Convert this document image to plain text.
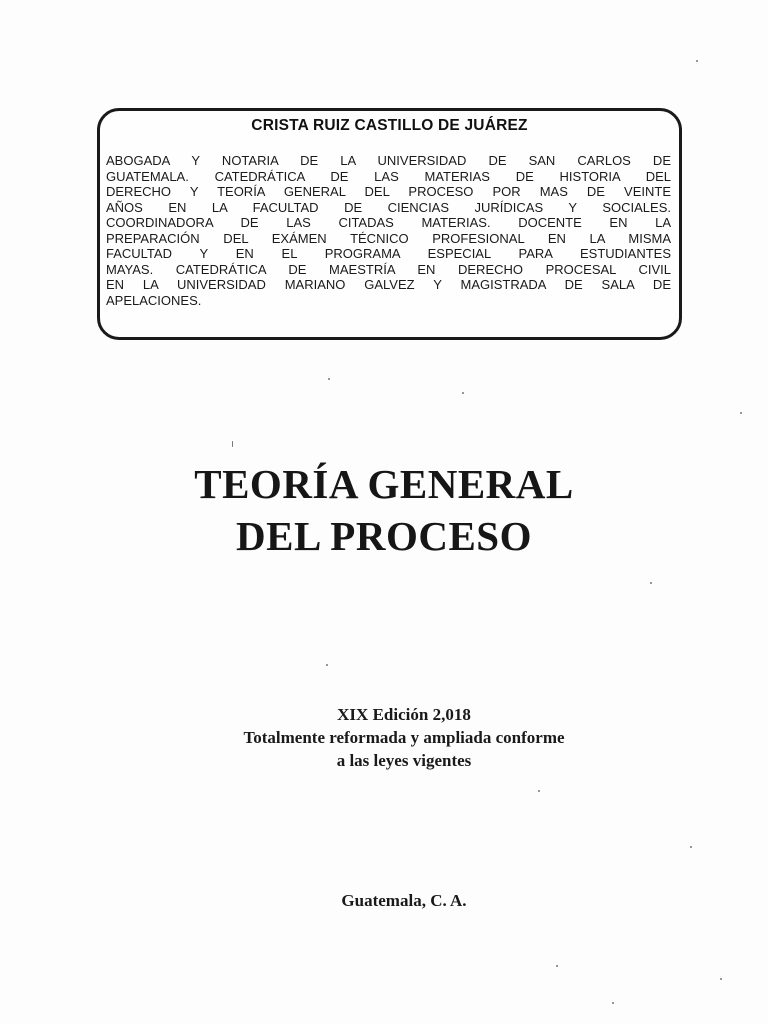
CRISTA RUIZ CASTILLO DE JUÁREZ
ABOGADA Y NOTARIA DE LA UNIVERSIDAD DE SAN CARLOS DE
GUATEMALA. CATEDRÁTICA DE LAS MATERIAS DE HISTORIA DEL
DERECHO Y TEORÍA GENERAL DEL PROCESO POR MAS DE VEINTE
AÑOS EN LA FACULTAD DE CIENCIAS JURÍDICAS Y SOCIALES.
COORDINADORA DE LAS CITADAS MATERIAS. DOCENTE EN LA
PREPARACIÓN DEL EXÁMEN TÉCNICO PROFESIONAL EN LA MISMA
FACULTAD Y EN EL PROGRAMA ESPECIAL PARA ESTUDIANTES
MAYAS. CATEDRÁTICA DE MAESTRÍA EN DERECHO PROCESAL CIVIL
EN LA UNIVERSIDAD MARIANO GALVEZ Y MAGISTRADA DE SALA DE
APELACIONES.
TEORÍA GENERAL
DEL PROCESO
XIX Edición 2,018
Totalmente reformada y ampliada conforme
a las leyes vigentes
Guatemala, C. A.
